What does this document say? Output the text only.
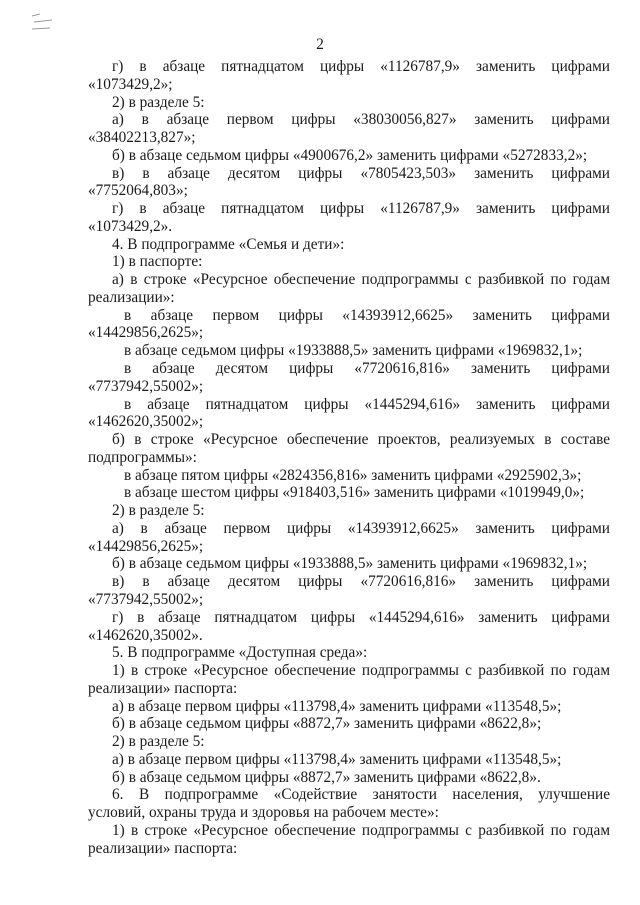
2
г) в абзаце пятнадцатом цифры «1126787,9» заменить цифрами
«1073429,2»;
2) в разделе 5:
а) в абзаце первом цифры «38030056,827» заменить цифрами
«38402213,827»;
б) в абзаце седьмом цифры «4900676,2» заменить цифрами «5272833,2»;
в) в абзаце десятом цифры «7805423,503» заменить цифрами
«7752064,803»;
г) в абзаце пятнадцатом цифры «1126787,9» заменить цифрами
«1073429,2».
4. В подпрограмме «Семья и дети»:
1) в паспорте:
а) в строке «Ресурсное обеспечение подпрограммы с разбивкой по годам
реализации»:
в абзаце первом цифры «14393912,6625» заменить цифрами
«14429856,2625»;
в абзаце седьмом цифры «1933888,5» заменить цифрами «1969832,1»;
в абзаце десятом цифры «7720616,816» заменить цифрами
«7737942,55002»;
в абзаце пятнадцатом цифры «1445294,616» заменить цифрами
«1462620,35002»;
б) в строке «Ресурсное обеспечение проектов, реализуемых в составе
подпрограммы»:
в абзаце пятом цифры «2824356,816» заменить цифрами «2925902,3»;
в абзаце шестом цифры «918403,516» заменить цифрами «1019949,0»;
2) в разделе 5:
а) в абзаце первом цифры «14393912,6625» заменить цифрами
«14429856,2625»;
б) в абзаце седьмом цифры «1933888,5» заменить цифрами «1969832,1»;
в) в абзаце десятом цифры «7720616,816» заменить цифрами
«7737942,55002»;
г) в абзаце пятнадцатом цифры «1445294,616» заменить цифрами
«1462620,35002».
5. В подпрограмме «Доступная среда»:
1) в строке «Ресурсное обеспечение подпрограммы с разбивкой по годам
реализации» паспорта:
а) в абзаце первом цифры «113798,4» заменить цифрами «113548,5»;
б) в абзаце седьмом цифры «8872,7» заменить цифрами «8622,8»;
2) в разделе 5:
а) в абзаце первом цифры «113798,4» заменить цифрами «113548,5»;
б) в абзаце седьмом цифры «8872,7» заменить цифрами «8622,8».
6. В подпрограмме «Содействие занятости населения, улучшение
условий, охраны труда и здоровья на рабочем месте»:
1) в строке «Ресурсное обеспечение подпрограммы с разбивкой по годам
реализации» паспорта:
